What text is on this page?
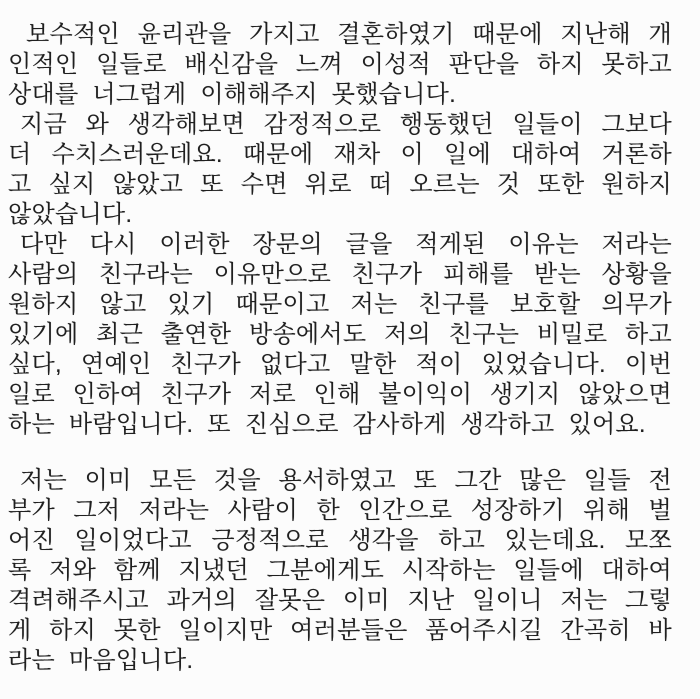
보수적인 윤리관을 가지고 결혼하였기 때문에 지난해 개
인적인 일들로 배신감을 느껴 이성적 판단을 하지 못하고
상대를 너그럽게 이해해주지 못했습니다.
지금 와 생각해보면 감정적으로 행동했던 일들이 그보다
더 수치스러운데요. 때문에 재차 이 일에 대하여 거론하
고 싶지 않았고 또 수면 위로 떠 오르는 것 또한 원하지
않았습니다.
다만 다시 이러한 장문의 글을 적게된 이유는 저라는
사람의 친구라는 이유만으로 친구가 피해를 받는 상황을
원하지 않고 있기 때문이고 저는 친구를 보호할 의무가
있기에 최근 출연한 방송에서도 저의 친구는 비밀로 하고
싶다, 연예인 친구가 없다고 말한 적이 있었습니다. 이번
일로 인하여 친구가 저로 인해 불이익이 생기지 않았으면
하는 바람입니다. 또 진심으로 감사하게 생각하고 있어요.
저는 이미 모든 것을 용서하였고 또 그간 많은 일들 전
부가 그저 저라는 사람이 한 인간으로 성장하기 위해 벌
어진 일이었다고 긍정적으로 생각을 하고 있는데요. 모쪼
록 저와 함께 지냈던 그분에게도 시작하는 일들에 대하여
격려해주시고 과거의 잘못은 이미 지난 일이니 저는 그렇
게 하지 못한 일이지만 여러분들은 품어주시길 간곡히 바
라는 마음입니다.
